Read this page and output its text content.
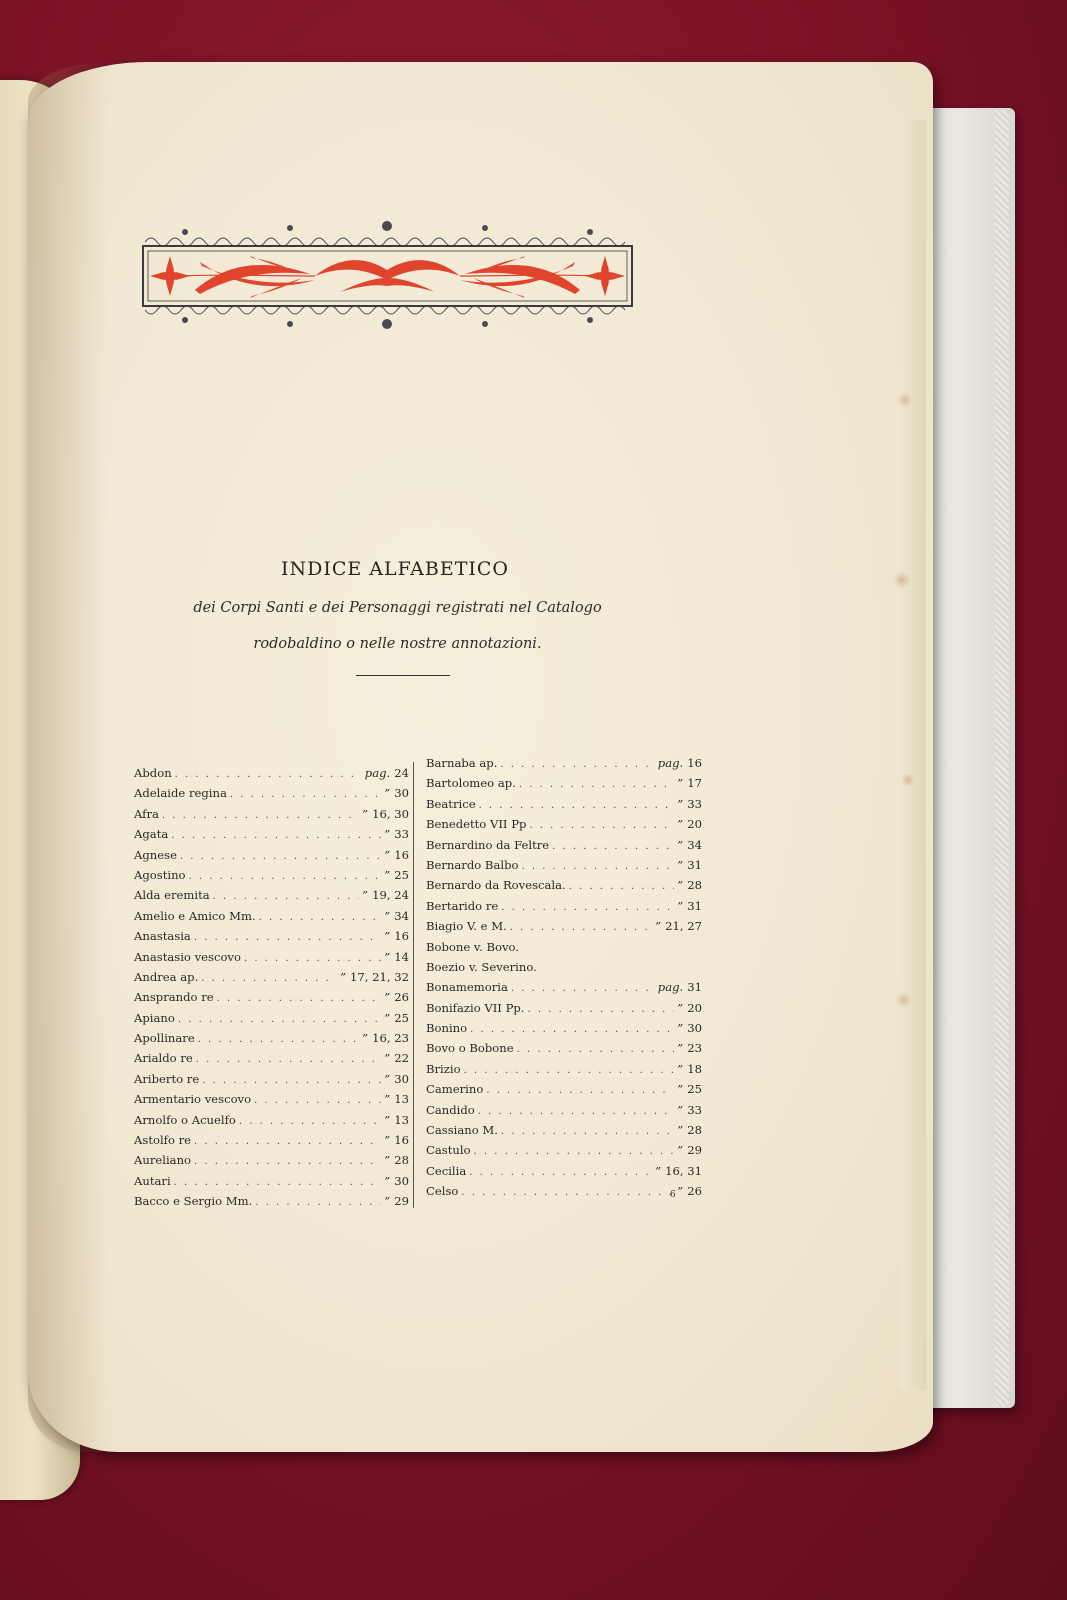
INDICE ALFABETICO
dei Corpi Santi e dei Personaggi registrati nel Catalogo
rodobaldino o nelle nostre annotazioni.
Abdon . . .	pag. 24
Adelaide regina . . .	” 30
Afra . . .	” 16, 30
Agata . . .	” 33
Agnese . . .	” 16
Agostino . . .	” 25
Alda eremita . . .	” 19, 24
Amelio e Amico Mm. . . .	” 34
Anastasia . . .	” 16
Anastasio vescovo . . .	” 14
Andrea ap. . . .	” 17, 21, 32
Ansprando re . . .	” 26
Apiano . . .	” 25
Apollinare . . .	” 16, 23
Arialdo re . . .	” 22
Ariberto re . . .	” 30
Armentario vescovo . . .	” 13
Arnolfo o Acuelfo . . .	” 13
Astolfo re . . .	” 16
Aureliano . . .	” 28
Autari . . .	” 30
Bacco e Sergio Mm. . . .	” 29
Barnaba ap. . . .	pag. 16
Bartolomeo ap. . . .	” 17
Beatrice . . .	” 33
Benedetto VII Pp . . .	” 20
Bernardino da Feltre . . .	” 34
Bernardo Balbo . . .	” 31
Bernardo da Rovescala. . . .	” 28
Bertarido re . . .	” 31
Biagio V. e M. . . .	” 21, 27
Bobone v. Bovo.
Boezio v. Severino.
Bonamemoria . . .	pag. 31
Bonifazio VII Pp. . . .	” 20
Bonino . . .	” 30
Bovo o Bobone . . .	” 23
Brizio . . .	” 18
Camerino . . .	” 25
Candido . . .	” 33
Cassiano M. . . .	” 28
Castulo . . .	” 29
Cecilia . . .	” 16, 31
Celso . . .	” 26
6
